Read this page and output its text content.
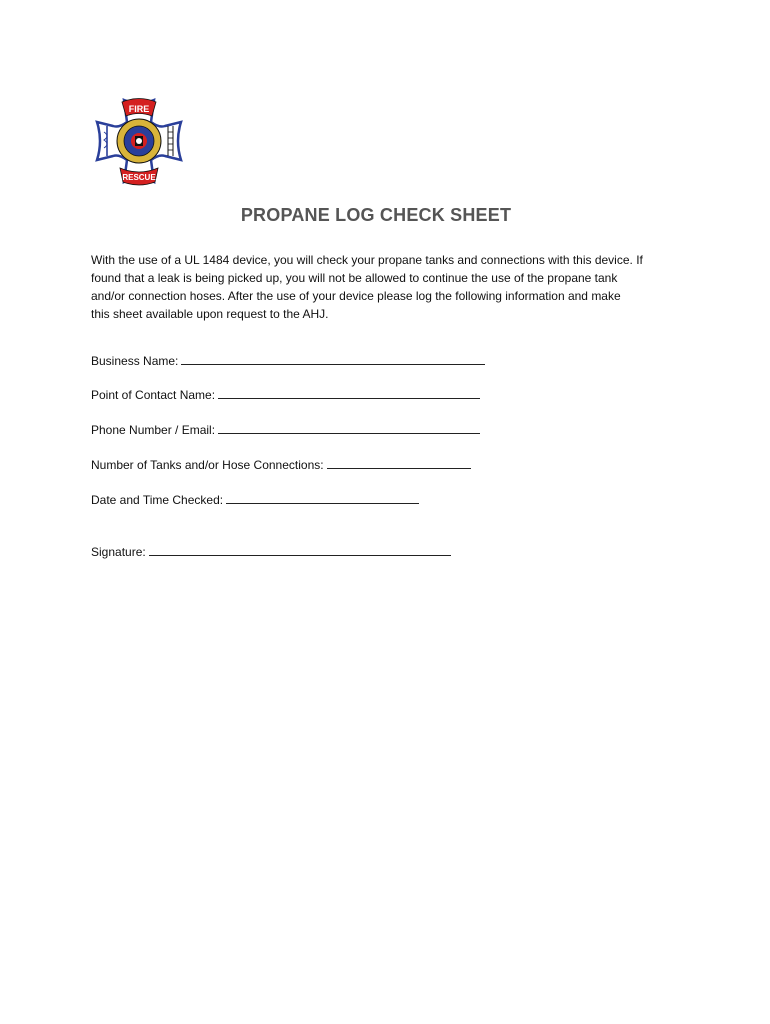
FIRE
RESCUE
PROPANE LOG CHECK SHEET

With the use of a UL 1484 device, you will check your propane tanks and connections with this device. If
found that a leak is being picked up, you will not be allowed to continue the use of the propane tank
and/or connection hoses. After the use of your device please log the following information and make
this sheet available upon request to the AHJ.

Business Name:
Point of Contact Name:
Phone Number / Email:
Number of Tanks and/or Hose Connections:
Date and Time Checked:
Signature:
